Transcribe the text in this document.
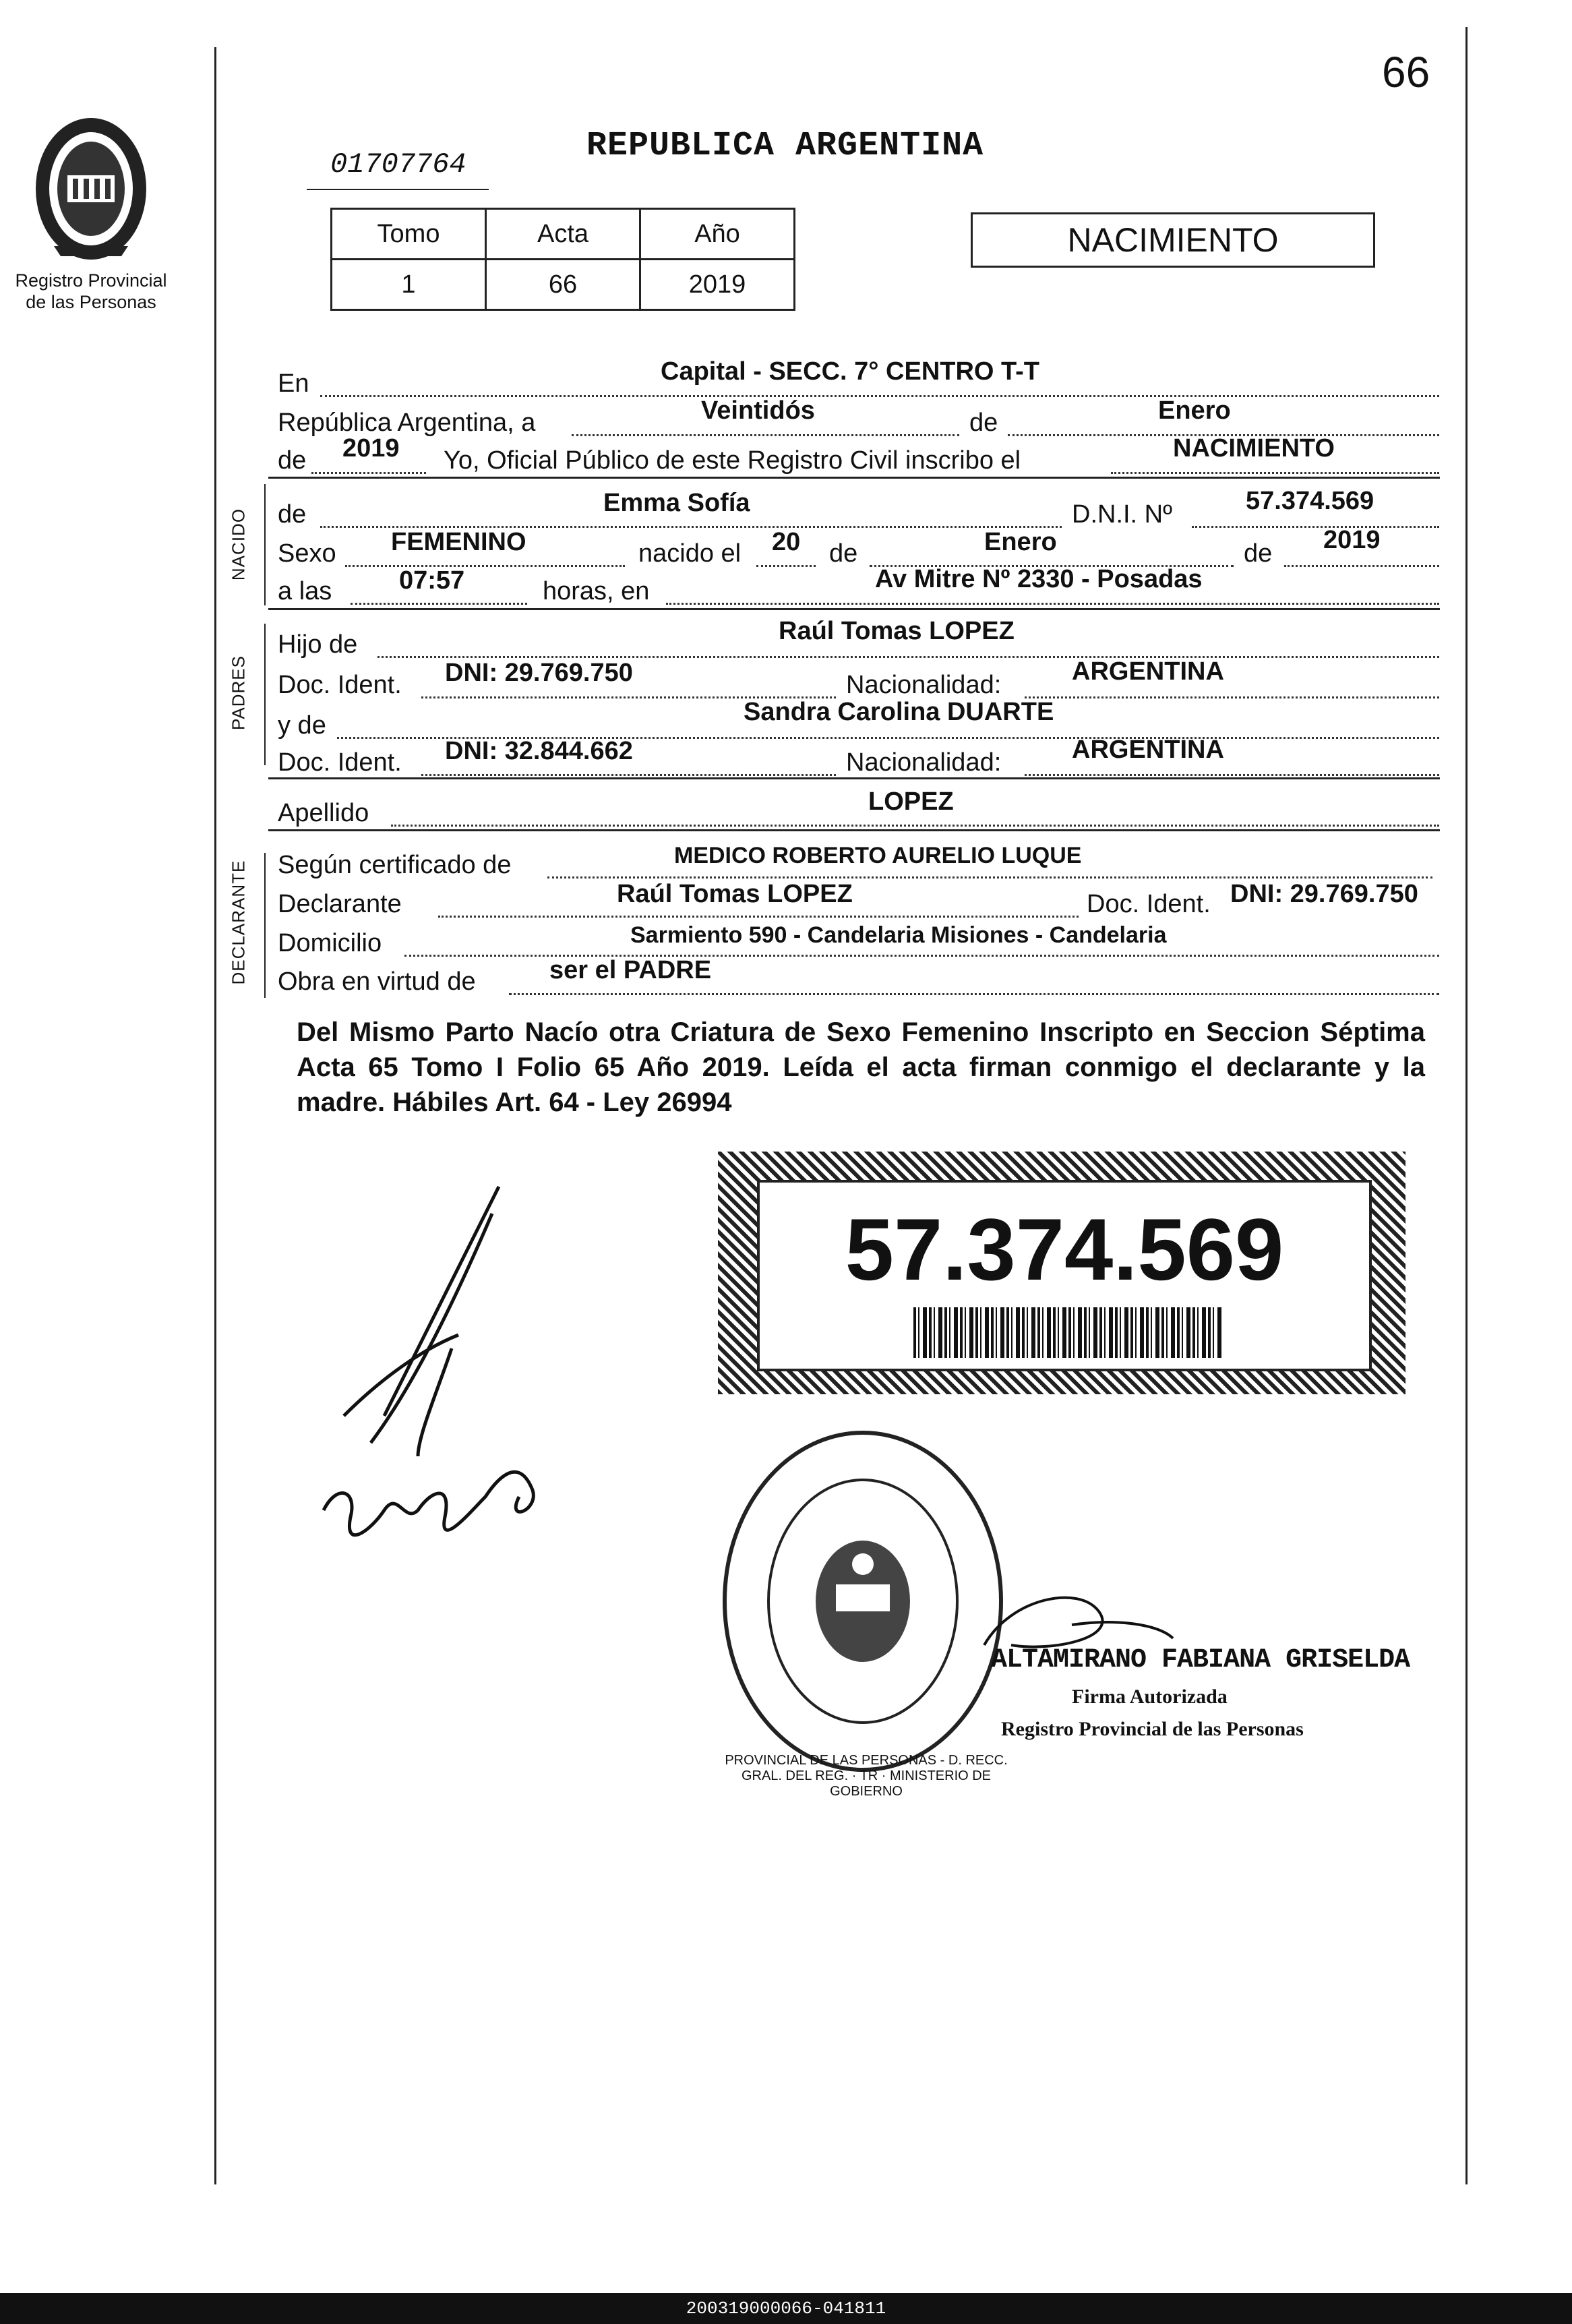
66
Registro Provincial
de las Personas
01707764	REPUBLICA ARGENTINA
Tomo	Acta	Año
1	66	2019
NACIMIENTO
En	Capital - SECC. 7° CENTRO T-T
República Argentina, a	Veintidós	de	Enero
de 2019 Yo, Oficial Público de este Registro Civil inscribo el	NACIMIENTO
NACIDO de	Emma Sofía	D.N.I. Nº	57.374.569
Sexo FEMENINO	nacido el 20 de	Enero	de 2019
a las	07:57	horas, en	Av Mitre Nº 2330 - Posadas
PADRES
Hijo de	Raúl Tomas LOPEZ
Doc. Ident. DNI: 29.769.750	Nacionalidad:	ARGENTINA
y de	Sandra Carolina DUARTE
Doc. Ident. DNI: 32.844.662	Nacionalidad:	ARGENTINA
Apellido	LOPEZ
DECLARANTE Según certificado de	MEDICO ROBERTO AURELIO LUQUE
Declarante	Raúl Tomas LOPEZ	Doc. Ident. DNI: 29.769.750
Domicilio	Sarmiento 590 - Candelaria Misiones - Candelaria
Obra en virtud de	ser el PADRE
Del Mismo Parto Nacío otra Criatura de Sexo Femenino Inscripto en Seccion Séptima Acta 65 Tomo I Folio 65 Año 2019. Leída el acta firman conmigo el declarante y la madre. Hábiles Art. 64 - Ley 26994
57.374.569
PROVINCIAL DE LAS PERSONAS - D. RECC. GRAL. DEL REG. · TR · MINISTERIO DE GOBIERNO
ALTAMIRANO FABIANA GRISELDA
Firma Autorizada
Registro Provincial de las Personas
200319000066-041811
